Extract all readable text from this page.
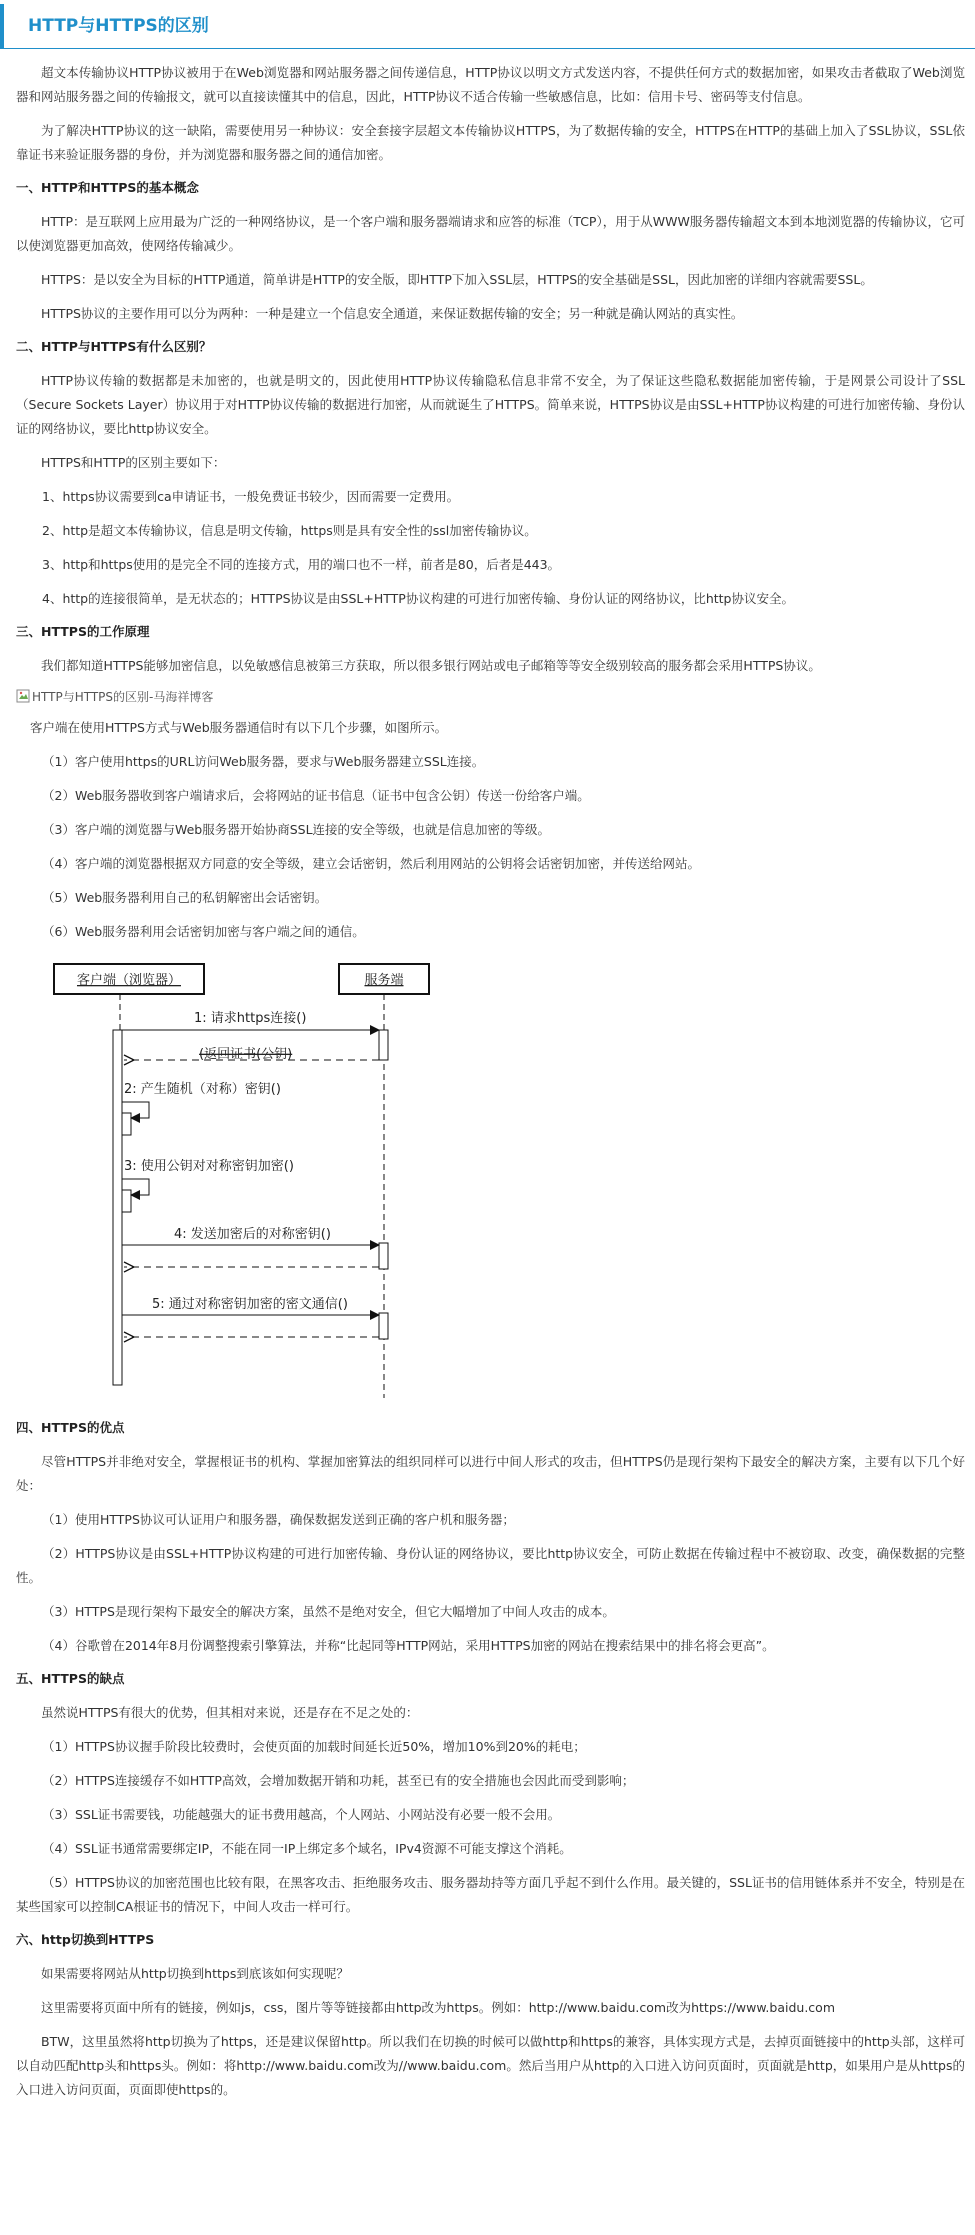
HTTP与HTTPS的区别

超文本传输协议HTTP协议被用于在Web浏览器和网站服务器之间传递信息，HTTP协议以明文方式发送内容，不提供任何方式的数据加密，如果攻击者截取了Web浏览器和网站服务器之间的传输报文，就可以直接读懂其中的信息，因此，HTTP协议不适合传输一些敏感信息，比如：信用卡号、密码等支付信息。

为了解决HTTP协议的这一缺陷，需要使用另一种协议：安全套接字层超文本传输协议HTTPS，为了数据传输的安全，HTTPS在HTTP的基础上加入了SSL协议，SSL依靠证书来验证服务器的身份，并为浏览器和服务器之间的通信加密。

一、HTTP和HTTPS的基本概念

HTTP：是互联网上应用最为广泛的一种网络协议，是一个客户端和服务器端请求和应答的标准（TCP），用于从WWW服务器传输超文本到本地浏览器的传输协议，它可以使浏览器更加高效，使网络传输减少。

HTTPS：是以安全为目标的HTTP通道，简单讲是HTTP的安全版，即HTTP下加入SSL层，HTTPS的安全基础是SSL，因此加密的详细内容就需要SSL。

HTTPS协议的主要作用可以分为两种：一种是建立一个信息安全通道，来保证数据传输的安全；另一种就是确认网站的真实性。

二、HTTP与HTTPS有什么区别？

HTTP协议传输的数据都是未加密的，也就是明文的，因此使用HTTP协议传输隐私信息非常不安全，为了保证这些隐私数据能加密传输，于是网景公司设计了SSL（Secure Sockets Layer）协议用于对HTTP协议传输的数据进行加密，从而就诞生了HTTPS。简单来说，HTTPS协议是由SSL+HTTP协议构建的可进行加密传输、身份认证的网络协议，要比http协议安全。

HTTPS和HTTP的区别主要如下：

1、https协议需要到ca申请证书，一般免费证书较少，因而需要一定费用。

2、http是超文本传输协议，信息是明文传输，https则是具有安全性的ssl加密传输协议。

3、http和https使用的是完全不同的连接方式，用的端口也不一样，前者是80，后者是443。

4、http的连接很简单，是无状态的；HTTPS协议是由SSL+HTTP协议构建的可进行加密传输、身份认证的网络协议，比http协议安全。

三、HTTPS的工作原理

我们都知道HTTPS能够加密信息，以免敏感信息被第三方获取，所以很多银行网站或电子邮箱等等安全级别较高的服务都会采用HTTPS协议。

HTTP与HTTPS的区别-马海祥博客

客户端在使用HTTPS方式与Web服务器通信时有以下几个步骤，如图所示。

（1）客户使用https的URL访问Web服务器，要求与Web服务器建立SSL连接。

（2）Web服务器收到客户端请求后，会将网站的证书信息（证书中包含公钥）传送一份给客户端。

（3）客户端的浏览器与Web服务器开始协商SSL连接的安全等级，也就是信息加密的等级。

（4）客户端的浏览器根据双方同意的安全等级，建立会话密钥，然后利用网站的公钥将会话密钥加密，并传送给网站。

（5）Web服务器利用自己的私钥解密出会话密钥。

（6）Web服务器利用会话密钥加密与客户端之间的通信。

客户端（浏览器）	服务端
1: 请求https连接()
(返回证书(公钥)
2: 产生随机（对称）密钥()
3: 使用公钥对对称密钥加密()
4: 发送加密后的对称密钥()
5: 通过对称密钥加密的密文通信()

四、HTTPS的优点

尽管HTTPS并非绝对安全，掌握根证书的机构、掌握加密算法的组织同样可以进行中间人形式的攻击，但HTTPS仍是现行架构下最安全的解决方案，主要有以下几个好处：

（1）使用HTTPS协议可认证用户和服务器，确保数据发送到正确的客户机和服务器；

（2）HTTPS协议是由SSL+HTTP协议构建的可进行加密传输、身份认证的网络协议，要比http协议安全，可防止数据在传输过程中不被窃取、改变，确保数据的完整性。

（3）HTTPS是现行架构下最安全的解决方案，虽然不是绝对安全，但它大幅增加了中间人攻击的成本。

（4）谷歌曾在2014年8月份调整搜索引擎算法，并称“比起同等HTTP网站，采用HTTPS加密的网站在搜索结果中的排名将会更高”。

五、HTTPS的缺点

虽然说HTTPS有很大的优势，但其相对来说，还是存在不足之处的：

（1）HTTPS协议握手阶段比较费时，会使页面的加载时间延长近50%，增加10%到20%的耗电；

（2）HTTPS连接缓存不如HTTP高效，会增加数据开销和功耗，甚至已有的安全措施也会因此而受到影响；

（3）SSL证书需要钱，功能越强大的证书费用越高，个人网站、小网站没有必要一般不会用。

（4）SSL证书通常需要绑定IP，不能在同一IP上绑定多个域名，IPv4资源不可能支撑这个消耗。

（5）HTTPS协议的加密范围也比较有限，在黑客攻击、拒绝服务攻击、服务器劫持等方面几乎起不到什么作用。最关键的，SSL证书的信用链体系并不安全，特别是在某些国家可以控制CA根证书的情况下，中间人攻击一样可行。

六、http切换到HTTPS

如果需要将网站从http切换到https到底该如何实现呢？

这里需要将页面中所有的链接，例如js，css，图片等等链接都由http改为https。例如：http://www.baidu.com改为https://www.baidu.com

BTW，这里虽然将http切换为了https，还是建议保留http。所以我们在切换的时候可以做http和https的兼容，具体实现方式是，去掉页面链接中的http头部，这样可以自动匹配http头和https头。例如：将http://www.baidu.com改为//www.baidu.com。然后当用户从http的入口进入访问页面时，页面就是http，如果用户是从https的入口进入访问页面，页面即使https的。
